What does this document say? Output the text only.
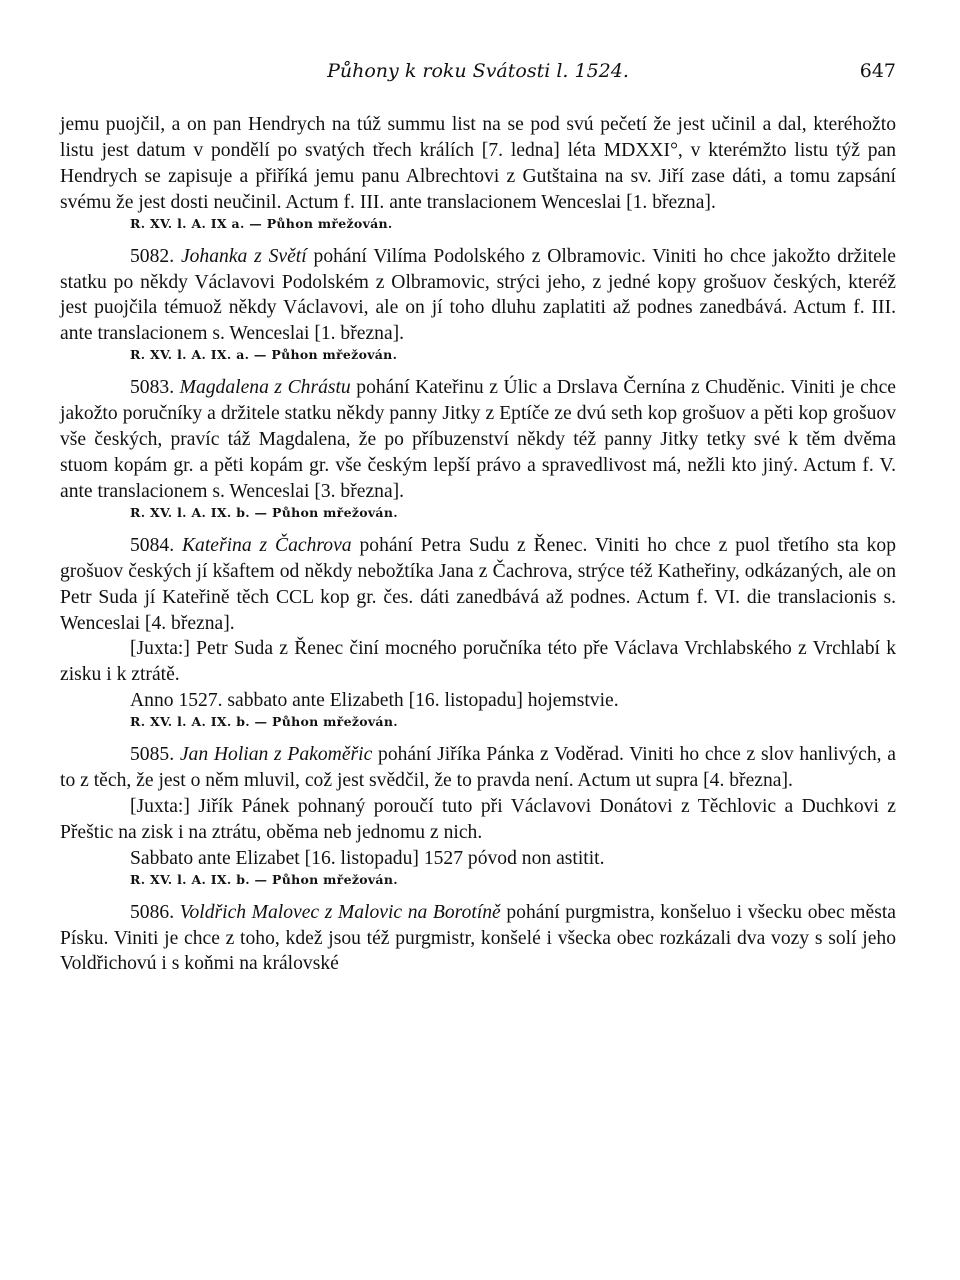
Půhony k roku Svátosti l. 1524.	647

jemu puojčil, a on pan Hendrych na túž summu list na se pod svú pečetí že jest učinil a dal, kteréhožto listu jest datum v pondělí po svatých třech králích [7. ledna] léta MDXXI°, v kterémžto listu týž pan Hendrych se zapisuje a přiříká jemu panu Albrechtovi z Gutštaina na sv. Jiří zase dáti, a tomu zapsání svému že jest dosti neučinil. Actum f. III. ante translacionem Wenceslai [1. března].

R. XV. l. A. IX a. — Půhon mřežován.

5082. Johanka z Světí pohání Vilíma Podolského z Olbramovic. Viniti ho chce jakožto držitele statku po někdy Václavovi Podolském z Olbramovic, strýci jeho, z jedné kopy grošuov českých, kteréž jest puojčila témuož někdy Václavovi, ale on jí toho dluhu zaplatiti až podnes zanedbává. Actum f. III. ante translacionem s. Wenceslai [1. března].

R. XV. l. A. IX. a. — Půhon mřežován.

5083. Magdalena z Chrástu pohání Kateřinu z Úlic a Drslava Černína z Chuděnic. Viniti je chce jakožto poručníky a držitele statku někdy panny Jitky z Eptíče ze dvú seth kop grošuov a pěti kop grošuov vše českých, pravíc táž Magdalena, že po příbuzenství někdy též panny Jitky tetky své k těm dvěma stuom kopám gr. a pěti kopám gr. vše českým lepší právo a spravedlivost má, nežli kto jiný. Actum f. V. ante translacionem s. Wenceslai [3. března].

R. XV. l. A. IX. b. — Půhon mřežován.

5084. Kateřina z Čachrova pohání Petra Sudu z Řenec. Viniti ho chce z puol třetího sta kop grošuov českých jí kšaftem od někdy nebožtíka Jana z Čachrova, strýce též Kathеřiny, odkázaných, ale on Petr Suda jí Kateřině těch CCL kop gr. čes. dáti zanedbává až podnes. Actum f. VI. die translacionis s. Wenceslai [4. března].

[Juxta:] Petr Suda z Řenec činí mocného poručníka této pře Václava Vrchlabského z Vrchlabí k zisku i k ztrátě.

Anno 1527. sabbato ante Elizabeth [16. listopadu] hojemstvie.

R. XV. l. A. IX. b. — Půhon mřežován.

5085. Jan Holian z Pakoměřic pohání Jiříka Pánka z Voděrad. Viniti ho chce z slov hanlivých, a to z těch, že jest o něm mluvil, což jest svědčil, že to pravda není. Actum ut supra [4. března].

[Juxta:] Jiřík Pánek pohnaný poroučí tuto při Václavovi Donátovi z Těchlovic a Duchkovi z Přeštic na zisk i na ztrátu, oběma neb jednomu z nich.

Sabbato ante Elizabet [16. listopadu] 1527 póvod non astitit.

R. XV. l. A. IX. b. — Půhon mřežován.

5086. Voldřich Malovec z Malovic na Borotíně pohání purgmistra, konšeluo i všecku obec města Písku. Viniti je chce z toho, kdež jsou též purgmistr, konšelé i všecka obec rozkázali dva vozy s solí jeho Voldřichovú i s koňmi na královské
